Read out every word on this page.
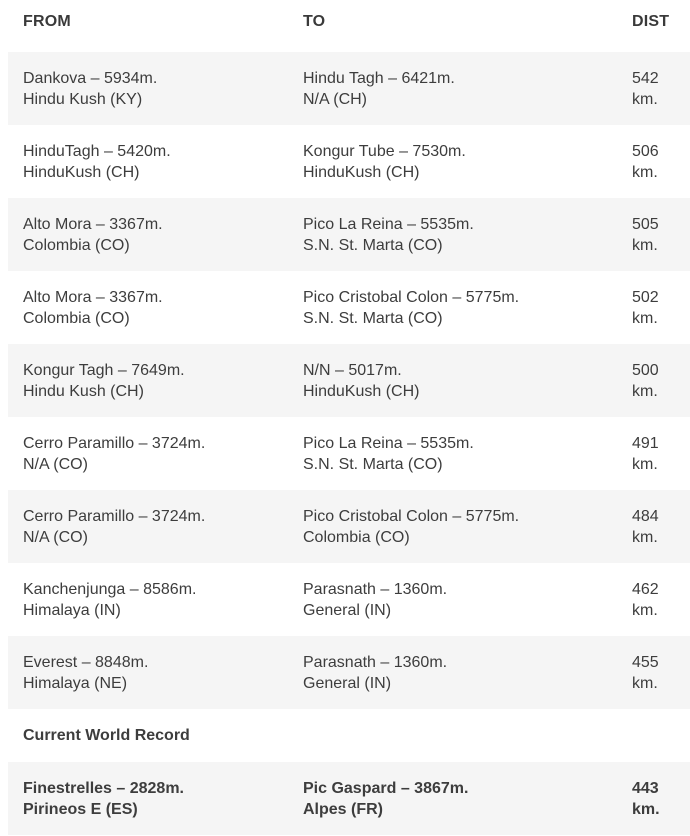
FROM	TO	DIST
Dankova – 5934m.
Hindu Kush (KY)
Hindu Tagh – 6421m.
N/A (CH)
542
km.
HinduTagh – 5420m.
HinduKush (CH)
Kongur Tube – 7530m.
HinduKush (CH)
506
km.
Alto Mora – 3367m.
Colombia (CO)
Pico La Reina – 5535m.
S.N. St. Marta (CO)
505
km.
Alto Mora – 3367m.
Colombia (CO)
Pico Cristobal Colon – 5775m.
S.N. St. Marta (CO)
502
km.
Kongur Tagh – 7649m.
Hindu Kush (CH)
N/N – 5017m.
HinduKush (CH)
500
km.
Cerro Paramillo – 3724m.
N/A (CO)
Pico La Reina – 5535m.
S.N. St. Marta (CO)
491
km.
Cerro Paramillo – 3724m.
N/A (CO)
Pico Cristobal Colon – 5775m.
Colombia (CO)
484
km.
Kanchenjunga – 8586m.
Himalaya (IN)
Parasnath – 1360m.
General (IN)
462
km.
Everest – 8848m.
Himalaya (NE)
Parasnath – 1360m.
General (IN)
455
km.
Current World Record
Finestrelles – 2828m.
Pirineos E (ES)
Pic Gaspard – 3867m.
Alpes (FR)
443
km.
